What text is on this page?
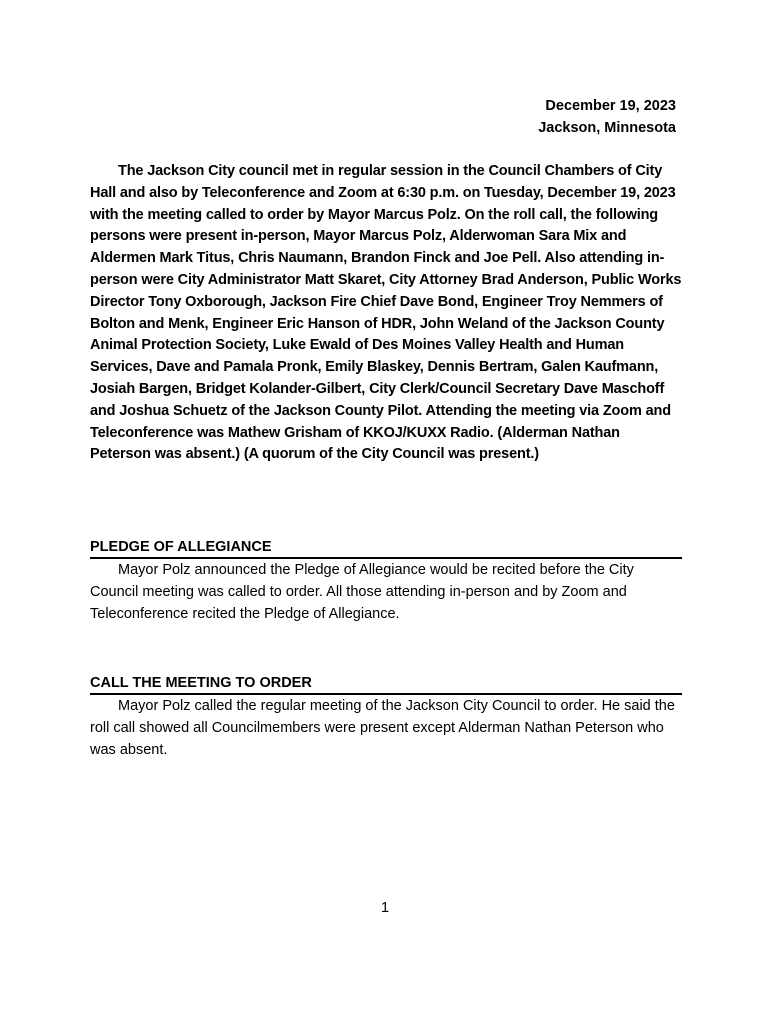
December 19, 2023
Jackson, Minnesota

The Jackson City council met in regular session in the Council Chambers of City Hall and also by Teleconference and Zoom at 6:30 p.m. on Tuesday, December 19, 2023 with the meeting called to order by Mayor Marcus Polz. On the roll call, the following persons were present in-person, Mayor Marcus Polz, Alderwoman Sara Mix and Aldermen Mark Titus, Chris Naumann, Brandon Finck and Joe Pell. Also attending in-person were City Administrator Matt Skaret, City Attorney Brad Anderson, Public Works Director Tony Oxborough, Jackson Fire Chief Dave Bond, Engineer Troy Nemmers of Bolton and Menk, Engineer Eric Hanson of HDR, John Weland of the Jackson County Animal Protection Society, Luke Ewald of Des Moines Valley Health and Human Services, Dave and Pamala Pronk, Emily Blaskey, Dennis Bertram, Galen Kaufmann, Josiah Bargen, Bridget Kolander-Gilbert, City Clerk/Council Secretary Dave Maschoff and Joshua Schuetz of the Jackson County Pilot. Attending the meeting via Zoom and Teleconference was Mathew Grisham of KKOJ/KUXX Radio. (Alderman Nathan Peterson was absent.) (A quorum of the City Council was present.)

PLEDGE OF ALLEGIANCE

Mayor Polz announced the Pledge of Allegiance would be recited before the City Council meeting was called to order. All those attending in-person and by Zoom and Teleconference recited the Pledge of Allegiance.

CALL THE MEETING TO ORDER

Mayor Polz called the regular meeting of the Jackson City Council to order. He said the roll call showed all Councilmembers were present except Alderman Nathan Peterson who was absent.

1
